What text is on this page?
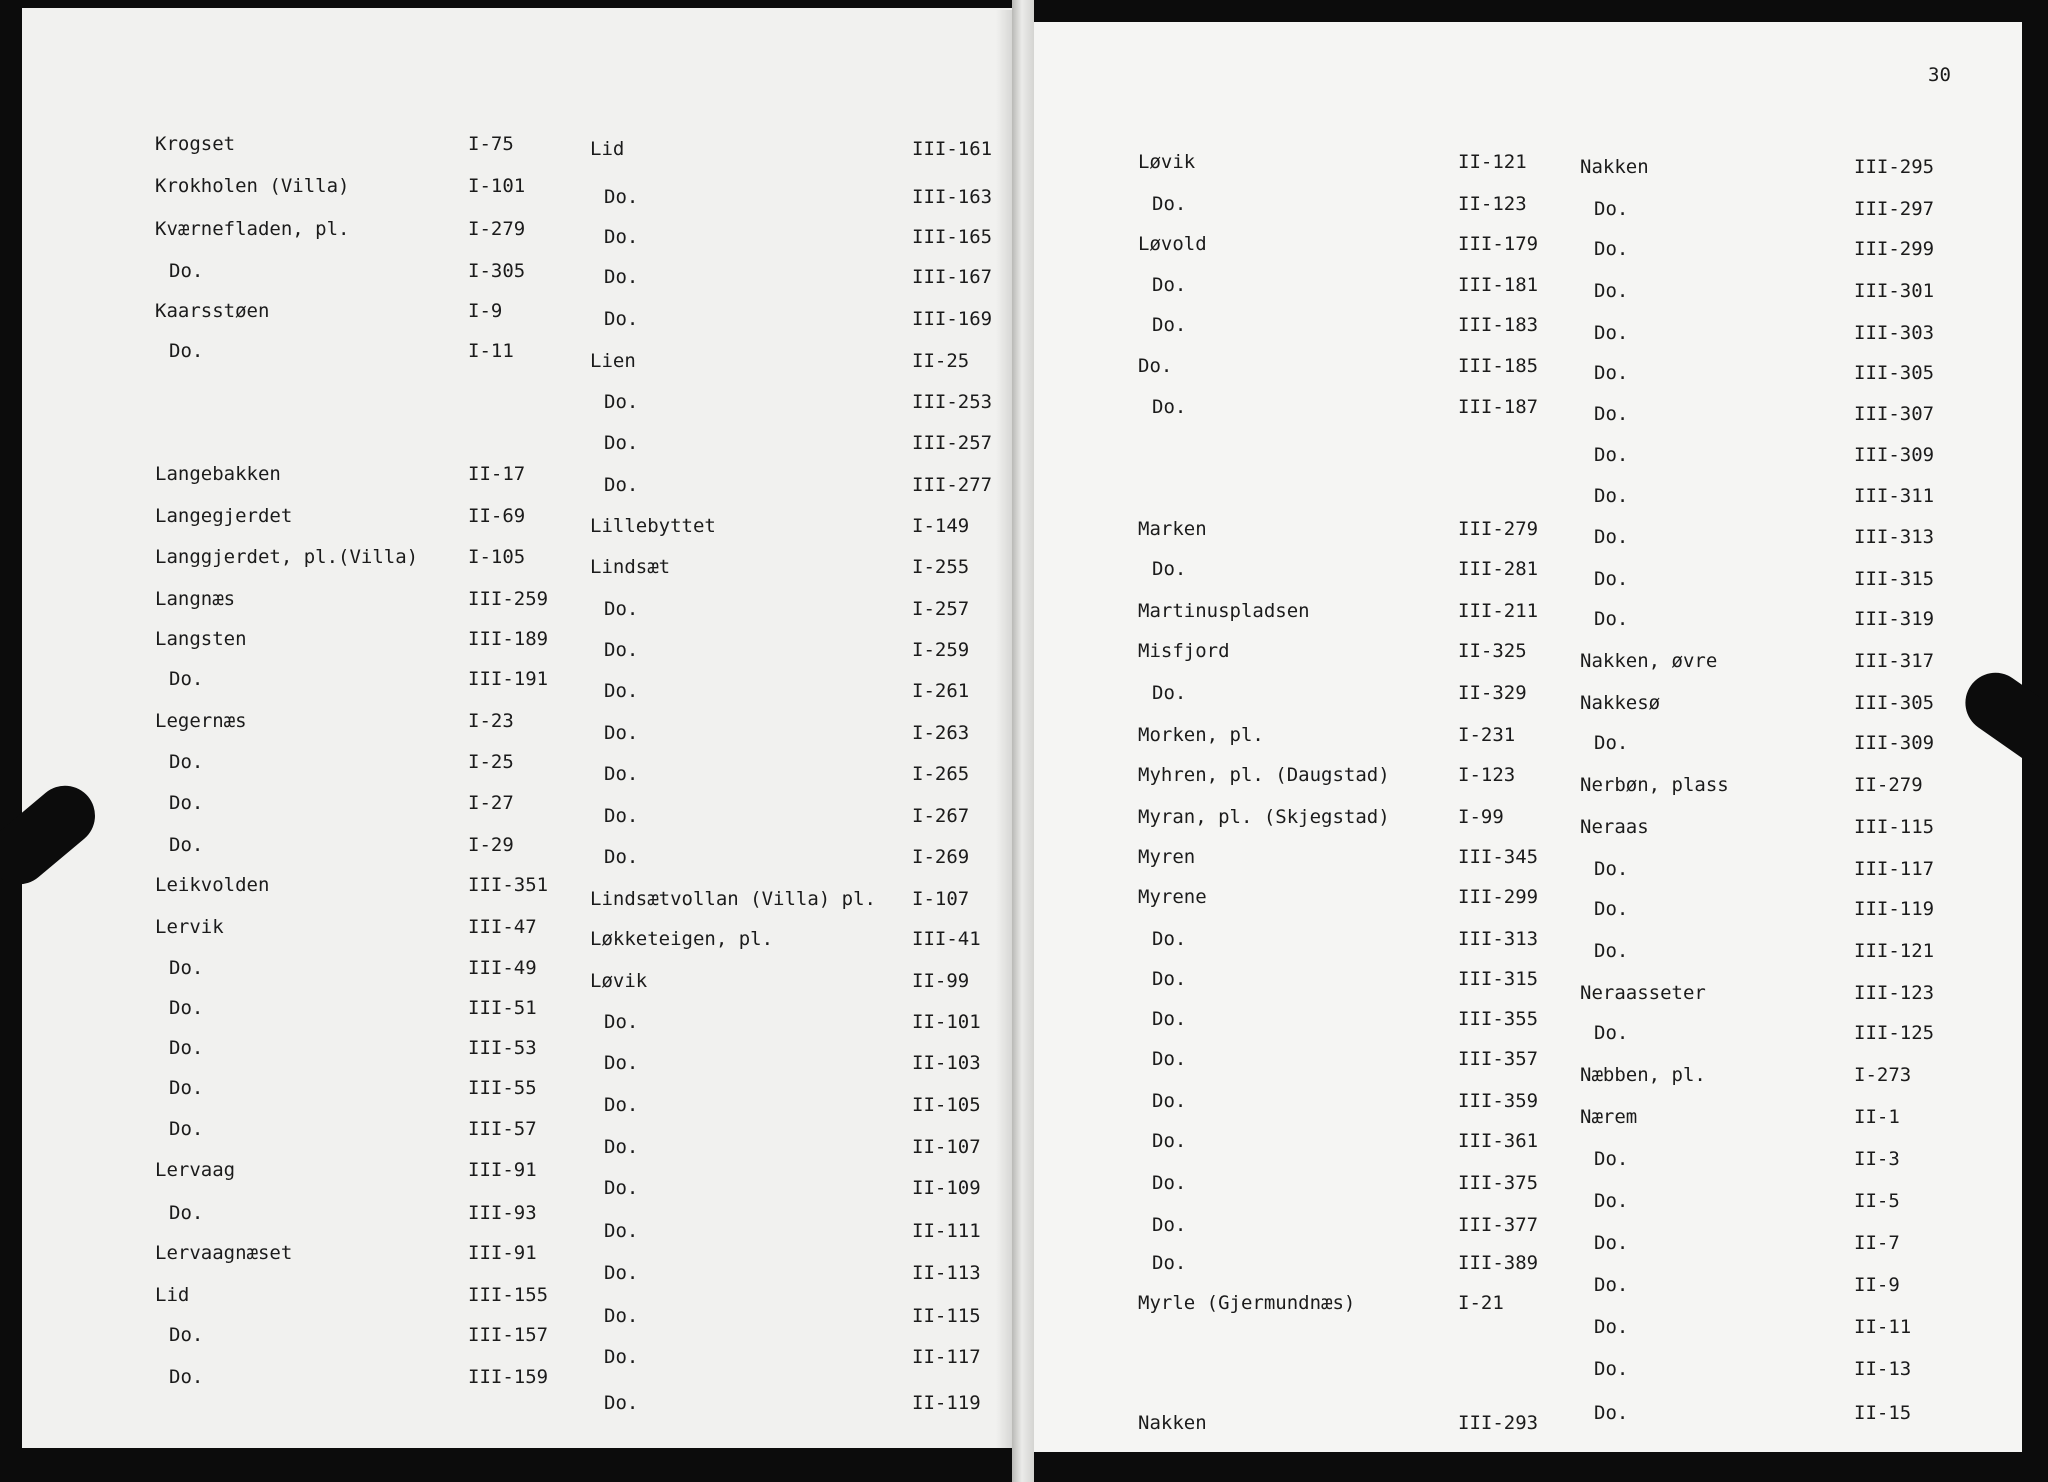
30
Krogset	I-75
Krokholen (Villa)	I-101
Kværnefladen, pl.	I-279
Do.	I-305
Kaarsstøen	I-9
Do.	I-11
Langebakken	II-17
Langegjerdet	II-69
Langgjerdet, pl.(Villa)	I-105
Langnæs	III-259
Langsten	III-189
Do.	III-191
Legernæs	I-23
Do.	I-25
Do.	I-27
Do.	I-29
Leikvolden	III-351
Lervik	III-47
Do.	III-49
Do.	III-51
Do.	III-53
Do.	III-55
Do.	III-57
Lervaag	III-91
Do.	III-93
Lervaagnæset	III-91
Lid	III-155
Do.	III-157
Do.	III-159
Lid	III-161
Do.	III-163
Do.	III-165
Do.	III-167
Do.	III-169
Lien	II-25
Do.	III-253
Do.	III-257
Do.	III-277
Lillebyttet	I-149
Lindsæt	I-255
Do.	I-257
Do.	I-259
Do.	I-261
Do.	I-263
Do.	I-265
Do.	I-267
Do.	I-269
Lindsætvollan (Villa) pl. I-107
Løkketeigen, pl.	III-41
Løvik	II-99
Do.	II-101
Do.	II-103
Do.	II-105
Do.	II-107
Do.	II-109
Do.	II-111
Do.	II-113
Do.	II-115
Do.	II-117
Do.	II-119
Løvik	II-121
Do.	II-123
Løvold	III-179
Do.	III-181
Do.	III-183
Do.	III-185
Do.	III-187
Marken	III-279
Do.	III-281
Martinuspladsen	III-211
Misfjord	II-325
Do.	II-329
Morken, pl.	I-231
Myhren, pl. (Daugstad)	I-123
Myran, pl. (Skjegstad)	I-99
Myren	III-345
Myrene	III-299
Do.	III-313
Do.	III-315
Do.	III-355
Do.	III-357
Do.	III-359
Do.	III-361
Do.	III-375
Do.	III-377
Do.	III-389
Myrle (Gjermundnæs)	I-21
Nakken	III-293
Nakken	III-295
Do.	III-297
Do.	III-299
Do.	III-301
Do.	III-303
Do.	III-305
Do.	III-307
Do.	III-309
Do.	III-311
Do.	III-313
Do.	III-315
Do.	III-319
Nakken, øvre	III-317
Nakkesø	III-305
Do.	III-309
Nerbøn, plass	II-279
Neraas	III-115
Do.	III-117
Do.	III-119
Do.	III-121
Neraasseter	III-123
Do.	III-125
Næbben, pl.	I-273
Nærem	II-1
Do.	II-3
Do.	II-5
Do.	II-7
Do.	II-9
Do.	II-11
Do.	II-13
Do.	II-15
